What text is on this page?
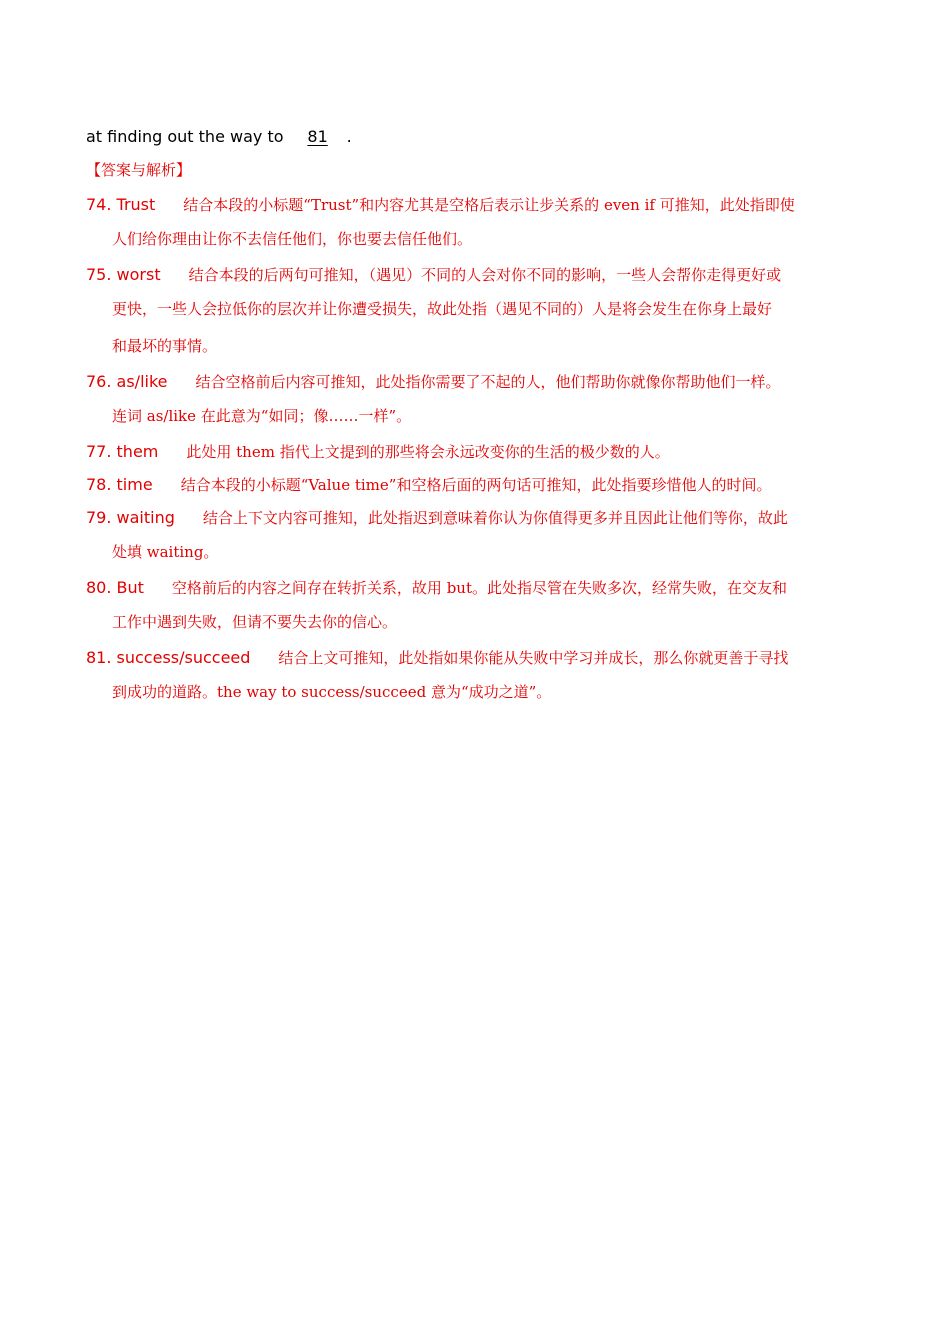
at finding out the way to 81 .
【答案与解析】
74. Trust 结合本段的小标题“Trust”和内容尤其是空格后表示让步关系的 even if 可推知，此处指即使
人们给你理由让你不去信任他们，你也要去信任他们。
75. worst 结合本段的后两句可推知，（遇见）不同的人会对你不同的影响，一些人会帮你走得更好或
更快，一些人会拉低你的层次并让你遭受损失，故此处指（遇见不同的）人是将会发生在你身上最好
和最坏的事情。
76. as/like 结合空格前后内容可推知，此处指你需要了不起的人，他们帮助你就像你帮助他们一样。
连词 as/like 在此意为“如同；像……一样”。
77. them 此处用 them 指代上文提到的那些将会永远改变你的生活的极少数的人。
78. time 结合本段的小标题“Value time”和空格后面的两句话可推知，此处指要珍惜他人的时间。
79. waiting 结合上下文内容可推知，此处指迟到意味着你认为你值得更多并且因此让他们等你，故此
处填 waiting。
80. But 空格前后的内容之间存在转折关系，故用 but。此处指尽管在失败多次，经常失败，在交友和
工作中遇到失败，但请不要失去你的信心。
81. success/succeed 结合上文可推知，此处指如果你能从失败中学习并成长，那么你就更善于寻找
到成功的道路。the way to success/succeed 意为“成功之道”。
